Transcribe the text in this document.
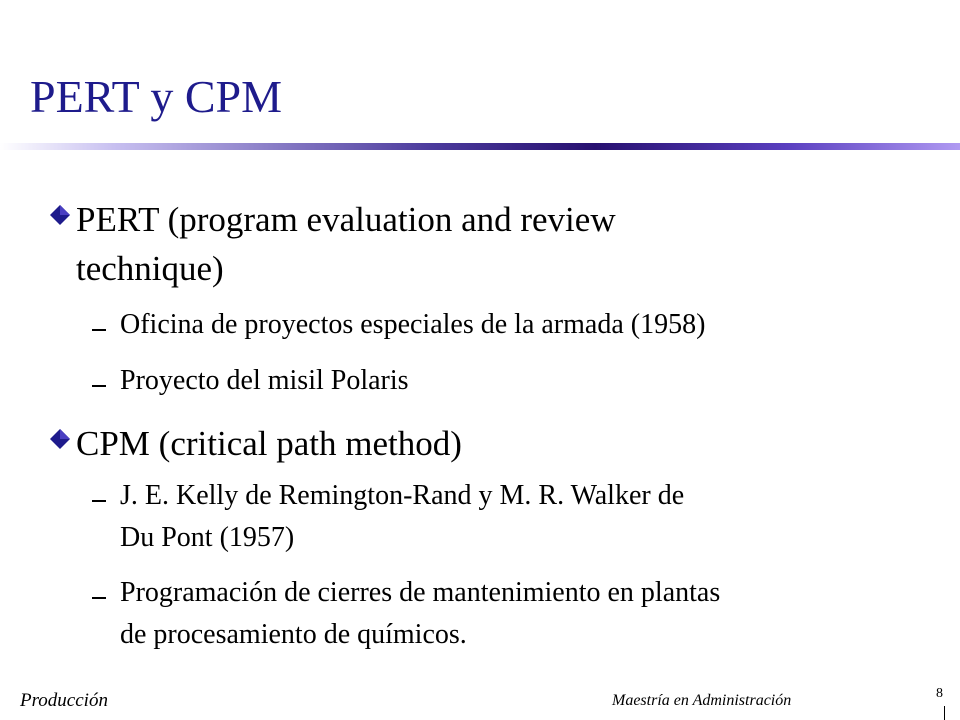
PERT y CPM

PERT (program evaluation and review

technique)

Oficina de proyectos especiales de la armada (1958)

Proyecto del misil Polaris

CPM (critical path method)

J. E. Kelly de Remington-Rand y M. R. Walker de

Du Pont (1957)

Programación de cierres de mantenimiento en plantas

de procesamiento de químicos.

Producción	Maestría en Administración	8
